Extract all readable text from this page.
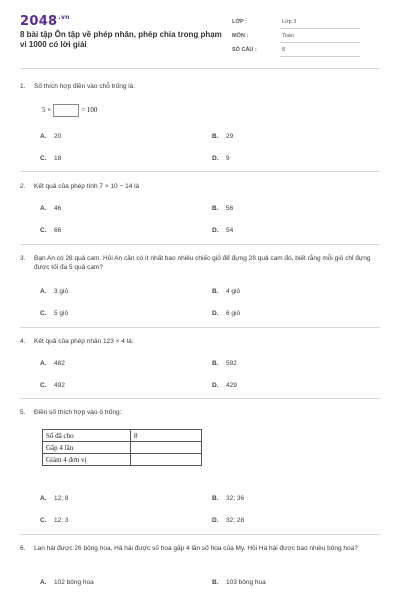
$2048^{.vn}$
8 bài tập Ôn tập về phép nhân, phép chia trong phạm vi 1000 có lời giải
LỚP :	Lớp 3
MÔN :	Toán
SỐ CÂU :	8
1. Số thích hợp điền vào chỗ trống là:
5 ×	= 100
A. 20	B. 29
C. 18	D. 9
2. Kết quả của phép tính 7 × 10 − 14 là
A. 46	B. 56
C. 66	D. 54
3. Bạn An có 28 quả cam. Hỏi An cần có ít nhất bao nhiêu chiếc giỏ để đựng 28 quả cam đó, biết rằng mỗi giỏ chỉ đựng được tối đa 5 quả cam?
A. 3 giỏ	B. 4 giỏ
C. 5 giỏ	D. 6 giỏ
4. Kết quả của phép nhân 123 × 4 là:
A. 482	B. 592
C. 492	D. 429
5. Điền số thích hợp vào ô trống:
Số đã cho	8
Gấp 4 lần	
Giảm 4 đơn vị	
A. 12; 8	B. 32; 36
C. 12; 3	D. 32; 28
6. Lan hái được 26 bông hoa, Hà hái được số hoa gấp 4 lần số hoa của My. Hỏi Hà hái được bao nhiêu bông hoa?
A. 102 bông hoa	B. 103 bông hoa
